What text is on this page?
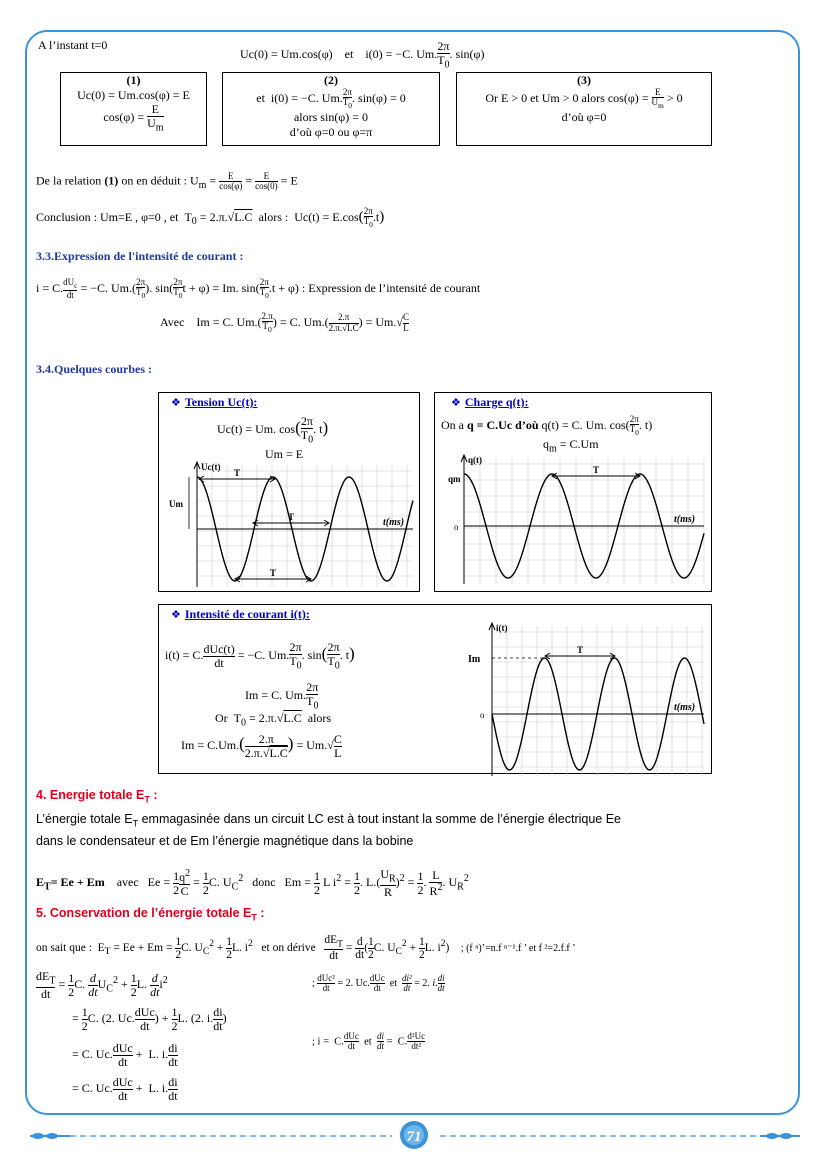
A l’instant t=0
Uc(0) = Um.cos(φ)    et    i(0) = −C. Um. $\frac{2\pi}{T_0}$ . sin(φ)
(1)
Uc(0) = Um.cos(φ) = E
$\cos(\varphi) = \frac{E}{U_m}$
(2)
et  i(0) = −C. Um. $\frac{2\pi}{T_0}$ . sin(φ) = 0
alors sin(φ) = 0
d’où φ=0 ou φ=π
(3)
Or E > 0 et Um > 0 alors $\cos(\varphi) = \frac{E}{U_m} > 0$
d’où φ=0
De la relation (1) on en déduit : $U_m = \frac{E}{\cos(\varphi)} = \frac{E}{\cos(0)} = E$
Conclusion : Um=E , φ=0 , et  $T_0 = 2.\pi.√L.C$  alors :  $Uc(t) = E.\cos( \frac{2\pi}{T_0} .t)$
3.3.Expression de l'intensité de courant :
i = C. $\frac{dU_c}{dt} = -C$. $Um.( \frac{2\pi}{T_0}$ ). $\sin( \frac{2\pi}{T_0}$ t + φ) = Im. $\sin( \frac{2\pi}{T_0} .t + \varphi)$ : Expression de l’intensité de courant
Avec    Im = C. $Um.( \frac{2.\pi}{T_0}$ ) = C. $Um.( \frac{2.\pi}{2.\pi.√LC}$ ) = $Um.√ \frac{C}{L}$
3.4.Quelques courbes :
❖ Tension Uc(t):
Uc(t) = Um. $\cos( \frac{2\pi}{T_0}$ . t)
Um = E
Uc(t)
t(ms)
Um
T
T
T
❖ Charge q(t):
On a q = C.Uc d’où q(t) = C. Um. $\cos( \frac{2\pi}{T_0}$ . t)
$q_m = C.Um$
q(t)
t(ms)
qm
o
T
❖ Intensité de courant i(t):
i(t) = C. $\frac{\text{dUc(t)}}{dt} = -C$. Um. $\frac{2\pi}{T_0}$ . $\sin( \frac{2\pi}{T_0}$ . t)
Im = C. Um. $\frac{2\pi}{T_0}$
Or  $T_0 = 2.\pi.√L.C$  alors
$Im = C.Um.( \frac{2.\pi}{2.\pi.√L.C}$ ) = $Um.√ \frac{C}{L}$
i(t)
t(ms)
Im
o
T
4. Energie totale $E_T$ :
L’énergie totale $E_T$ emmagasinée dans un circuit LC est à tout instant la somme de l’énergie électrique Ee
dans le condensateur et de Em l’énergie magnétique dans la bobine
$E_T= Ee + Em$    avec   $Ee = \frac{1}{2} \frac{q^2}{C} = \frac{1}{2} C$. $U_C^2$   donc   $Em = \frac{1}{2}$ L $i^2 = \frac{1}{2}$ . $L.( \frac{U_R}{R} )^2 = \frac{1}{2}$ . $\frac{L}{R^2}$ . $U_R^2$
5. Conservation de l’énergie totale $E_T$ :
on sait que :  $E_T = Ee + Em = \frac{1}{2} C$. $U_C^2 + \frac{1}{2} L$. $i^2$   et on dérive $\frac{dE_T}{dt} = \frac{d}{dt}$ ( $\frac{1}{2} C$. $U_C^2 + \frac{1}{2} L$. $i^2$)    ; (f ⁿ)’=n.f ⁿ⁻¹.f ’ et f ²=2.f.f ’
$\frac{dE_T}{dt} = \frac{1}{2} C$. $\frac{d}{dt} U_C^2 + \frac{1}{2} L$. $\frac{d}{dt} i^2$	; $\frac{\text{dUc²}}{dt} = 2$. Uc. $\frac{\text{dUc}}{dt}$ et $\frac{\text{di²}}{dt} = 2$. i. $\frac{di}{dt}$
= $\frac{1}{2} C$. (2. Uc. $\frac{\text{dUc}}{dt}$ ) + $\frac{1}{2} L$. (2. i. $\frac{di}{dt}$ )
= C. Uc. $\frac{\text{dUc}}{dt} + L$. i. $\frac{di}{dt}$
; i =  C. $\frac{\text{dUc}}{dt}$ et $\frac{di}{dt} = C$. $\frac{\text{d²Uc}}{\text{dt²}}$
= C. Uc. $\frac{\text{dUc}}{dt} + L$. i. $\frac{di}{dt}$
71
